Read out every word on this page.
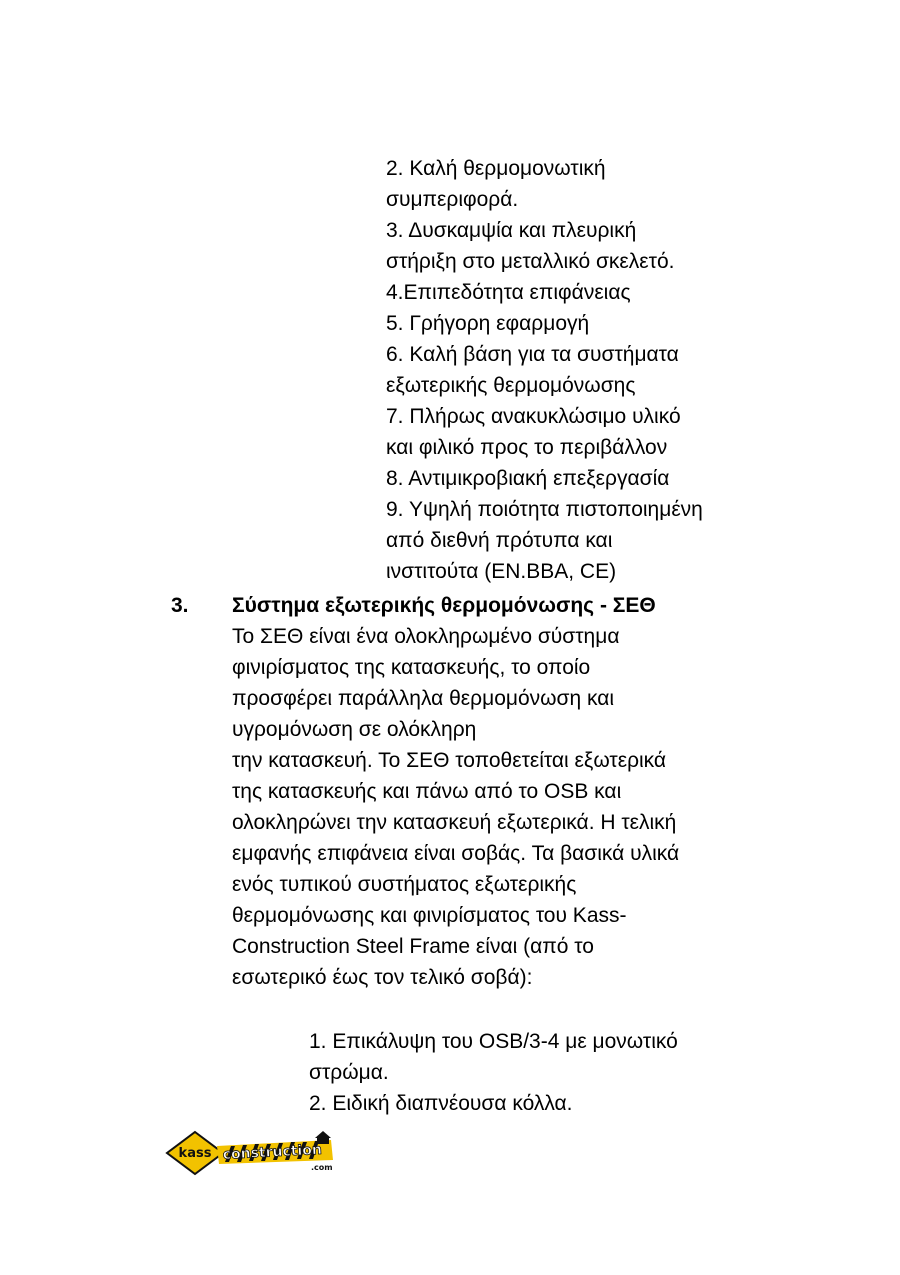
2. Καλή θερμομονωτική
συμπεριφορά.
3. Δυσκαμψία και πλευρική
στήριξη στο μεταλλικό σκελετό.
4.Επιπεδότητα επιφάνειας
5. Γρήγορη εφαρμογή
6. Καλή βάση για τα συστήματα
εξωτερικής θερμομόνωσης
7. Πλήρως ανακυκλώσιμο υλικό
και φιλικό προς το περιβάλλον
8. Αντιμικροβιακή επεξεργασία
9. Υψηλή ποιότητα πιστοποιημένη
από διεθνή πρότυπα και
ινστιτούτα (EN.BBA, CE)
3. Σύστημα εξωτερικής θερμομόνωσης - ΣΕΘ
Το ΣΕΘ είναι ένα ολοκληρωμένο σύστημα
φινιρίσματος της κατασκευής, το οποίο
προσφέρει παράλληλα θερμομόνωση και
υγρομόνωση σε ολόκληρη
την κατασκευή. Το ΣΕΘ τοποθετείται εξωτερικά
της κατασκευής και πάνω από το OSB και
ολοκληρώνει την κατασκευή εξωτερικά. Η τελική
εμφανής επιφάνεια είναι σοβάς. Τα βασικά υλικά
ενός τυπικού συστήματος εξωτερικής
θερμομόνωσης και φινιρίσματος του Kass-
Construction Steel Frame είναι (από το
εσωτερικό έως τον τελικό σοβά):
1. Επικάλυψη του OSB/3-4 με μονωτικό
στρώμα.
2. Ειδική διαπνέουσα κόλλα.
kass construction
.com
